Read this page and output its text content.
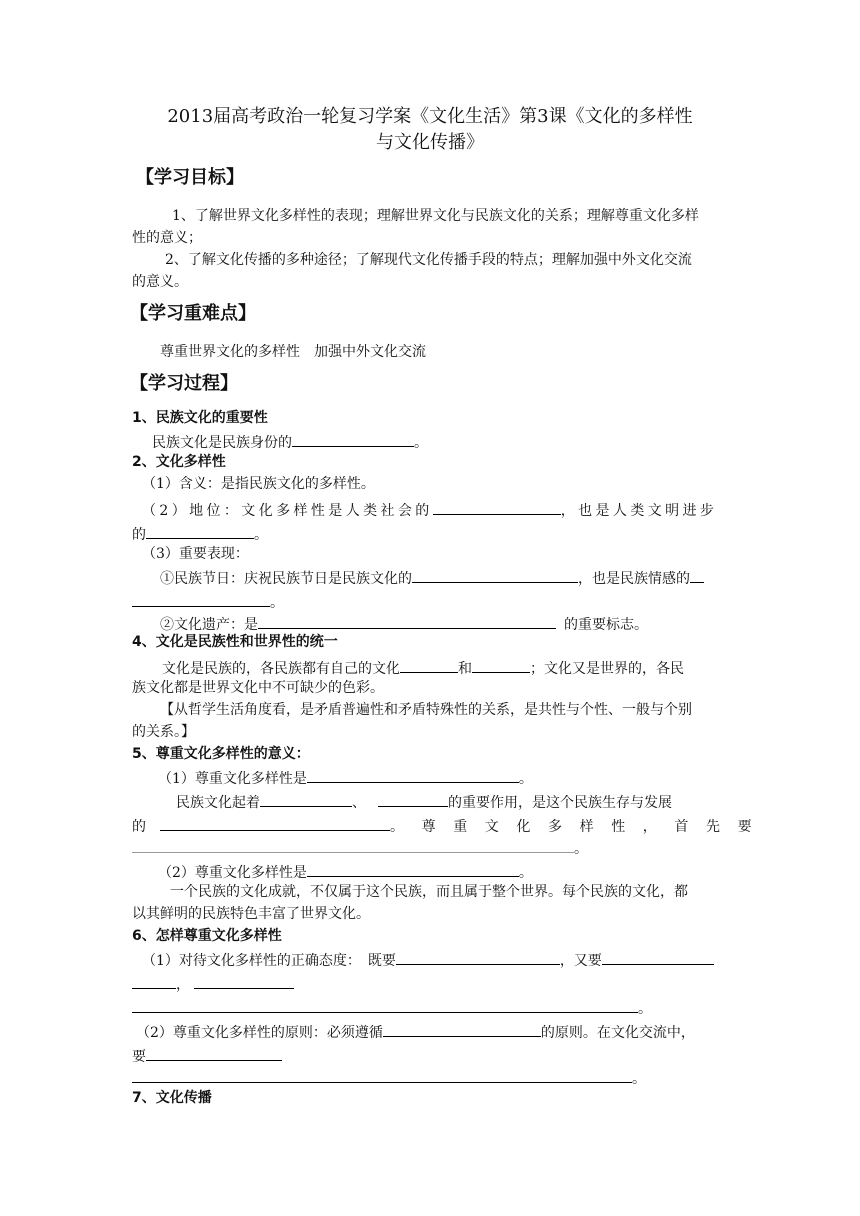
2013届高考政治一轮复习学案《文化生活》第3课《文化的多样性
与文化传播》
【学习目标】
1、了解世界文化多样性的表现；理解世界文化与民族文化的关系；理解尊重文化多样
性的意义；
2、了解文化传播的多种途径；了解现代文化传播手段的特点；理解加强中外文化交流
的意义。
【学习重难点】
尊重世界文化的多样性　加强中外文化交流
【学习过程】
1、民族文化的重要性
民族文化是民族身份的	。
2、文化多样性
（1）含义：是指民族文化的多样性。
（2）地位：文化多样性是人类社会的	，也是人类文明进步
的	。
（3）重要表现：
①民族节日：庆祝民族节日是民族文化的	，也是民族情感的
。
②文化遗产：是	的重要标志。
4、文化是民族性和世界性的统一
文化是民族的，各民族都有自己的文化	和	；文化又是世界的，各民
族文化都是世界文化中不可缺少的色彩。
【从哲学生活角度看，是矛盾普遍性和矛盾特殊性的关系，是共性与个性、一般与个别
的关系。】
5、尊重文化多样性的意义：
（1）尊重文化多样性是	。
民族文化起着	、	的重要作用，是这个民族生存与发展
的	。尊重文化多样性，首先要
。
（2）尊重文化多样性是	。
一个民族的文化成就，不仅属于这个民族，而且属于整个世界。每个民族的文化，都
以其鲜明的民族特色丰富了世界文化。
6、怎样尊重文化多样性
（1）对待文化多样性的正确态度：　既要	，又要
，
。
（2）尊重文化多样性的原则：必须遵循	的原则。在文化交流中，
要
。
7、文化传播
